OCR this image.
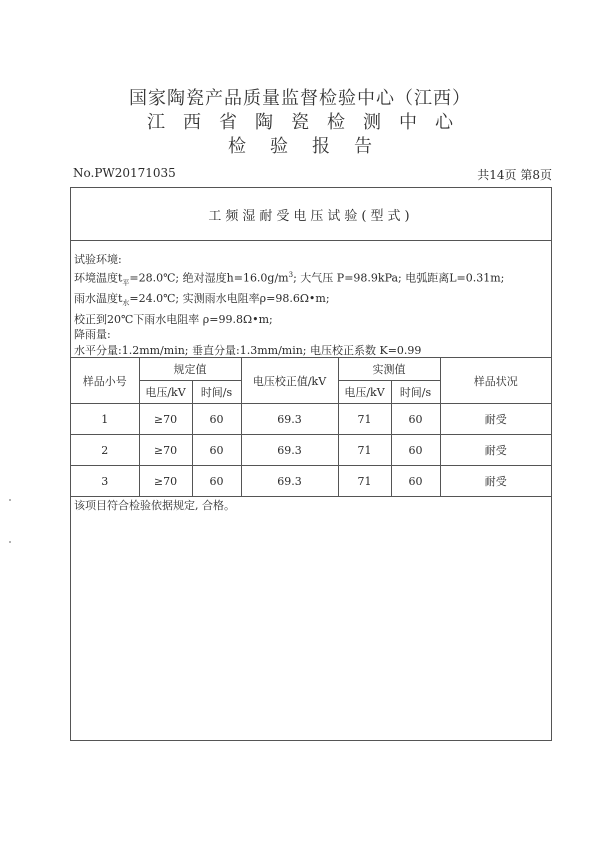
国家陶瓷产品质量监督检验中心（江西）
江西省陶瓷检测中心
检验报告
No.PW20171035	共14页 第8页
工频湿耐受电压试验(型式)
试验环境:
环境温度$t_平=28.0℃$; 绝对湿度$h=16.0g/m^3$; 大气压 P=98.9kPa; 电弧距离L=0.31m;
雨水温度$t_水=24.0℃$; 实测雨水电阻率ρ=98.6Ω•m;
校正到20℃下雨水电阻率 ρ=99.8Ω•m;
降雨量:
水平分量:1.2mm/min; 垂直分量:1.3mm/min; 电压校正系数 K=0.99
样品小号	规定值		电压校正值/kV	实测值		样品状况
	电压/kV	时间/s		电压/kV	时间/s	
1	≥70	60	69.3	71	60	耐受
2	≥70	60	69.3	71	60	耐受
3	≥70	60	69.3	71	60	耐受
该项目符合检验依据规定, 合格。
